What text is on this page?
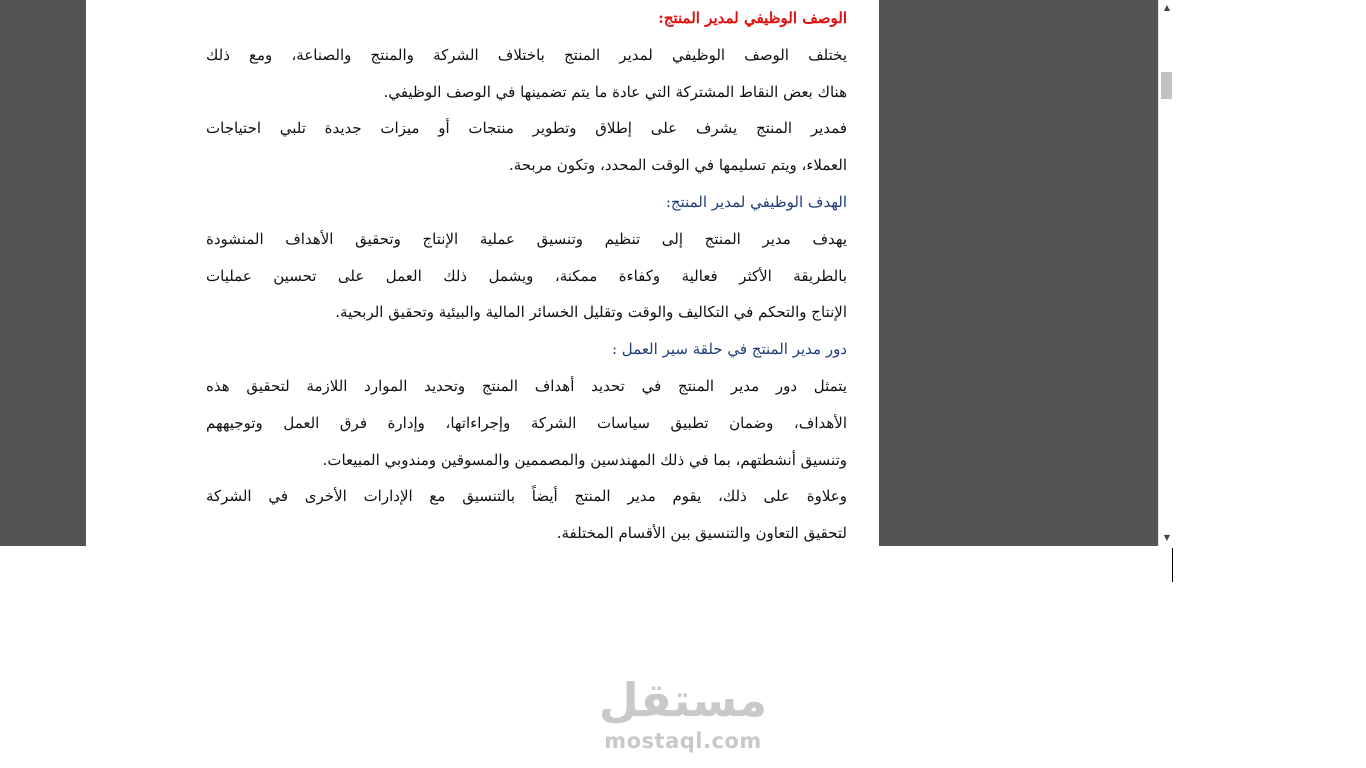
الوصف الوظيفي لمدير المنتج:
يختلف الوصف الوظيفي لمدير المنتج باختلاف الشركة والمنتج والصناعة، ومع ذلك
هناك بعض النقاط المشتركة التي عادة ما يتم تضمينها في الوصف الوظيفي.
فمدير المنتج يشرف على إطلاق وتطوير منتجات أو ميزات جديدة تلبي احتياجات
العملاء، ويتم تسليمها في الوقت المحدد، وتكون مربحة.
الهدف الوظيفي لمدير المنتج:
يهدف مدير المنتج إلى تنظيم وتنسيق عملية الإنتاج وتحقيق الأهداف المنشودة
بالطريقة الأكثر فعالية وكفاءة ممكنة، ويشمل ذلك العمل على تحسين عمليات
الإنتاج والتحكم في التكاليف والوقت وتقليل الخسائر المالية والبيئية وتحقيق الربحية.
دور مدير المنتج في حلقة سير العمل :
يتمثل دور مدير المنتج في تحديد أهداف المنتج وتحديد الموارد اللازمة لتحقيق هذه
الأهداف، وضمان تطبيق سياسات الشركة وإجراءاتها، وإدارة فرق العمل وتوجيههم
وتنسيق أنشطتهم، بما في ذلك المهندسين والمصممين والمسوقين ومندوبي المبيعات.
وعلاوة على ذلك، يقوم مدير المنتج أيضاً بالتنسيق مع الإدارات الأخرى في الشركة
لتحقيق التعاون والتنسيق بين الأقسام المختلفة.
▲
▼
مستقل
mostaql.com
